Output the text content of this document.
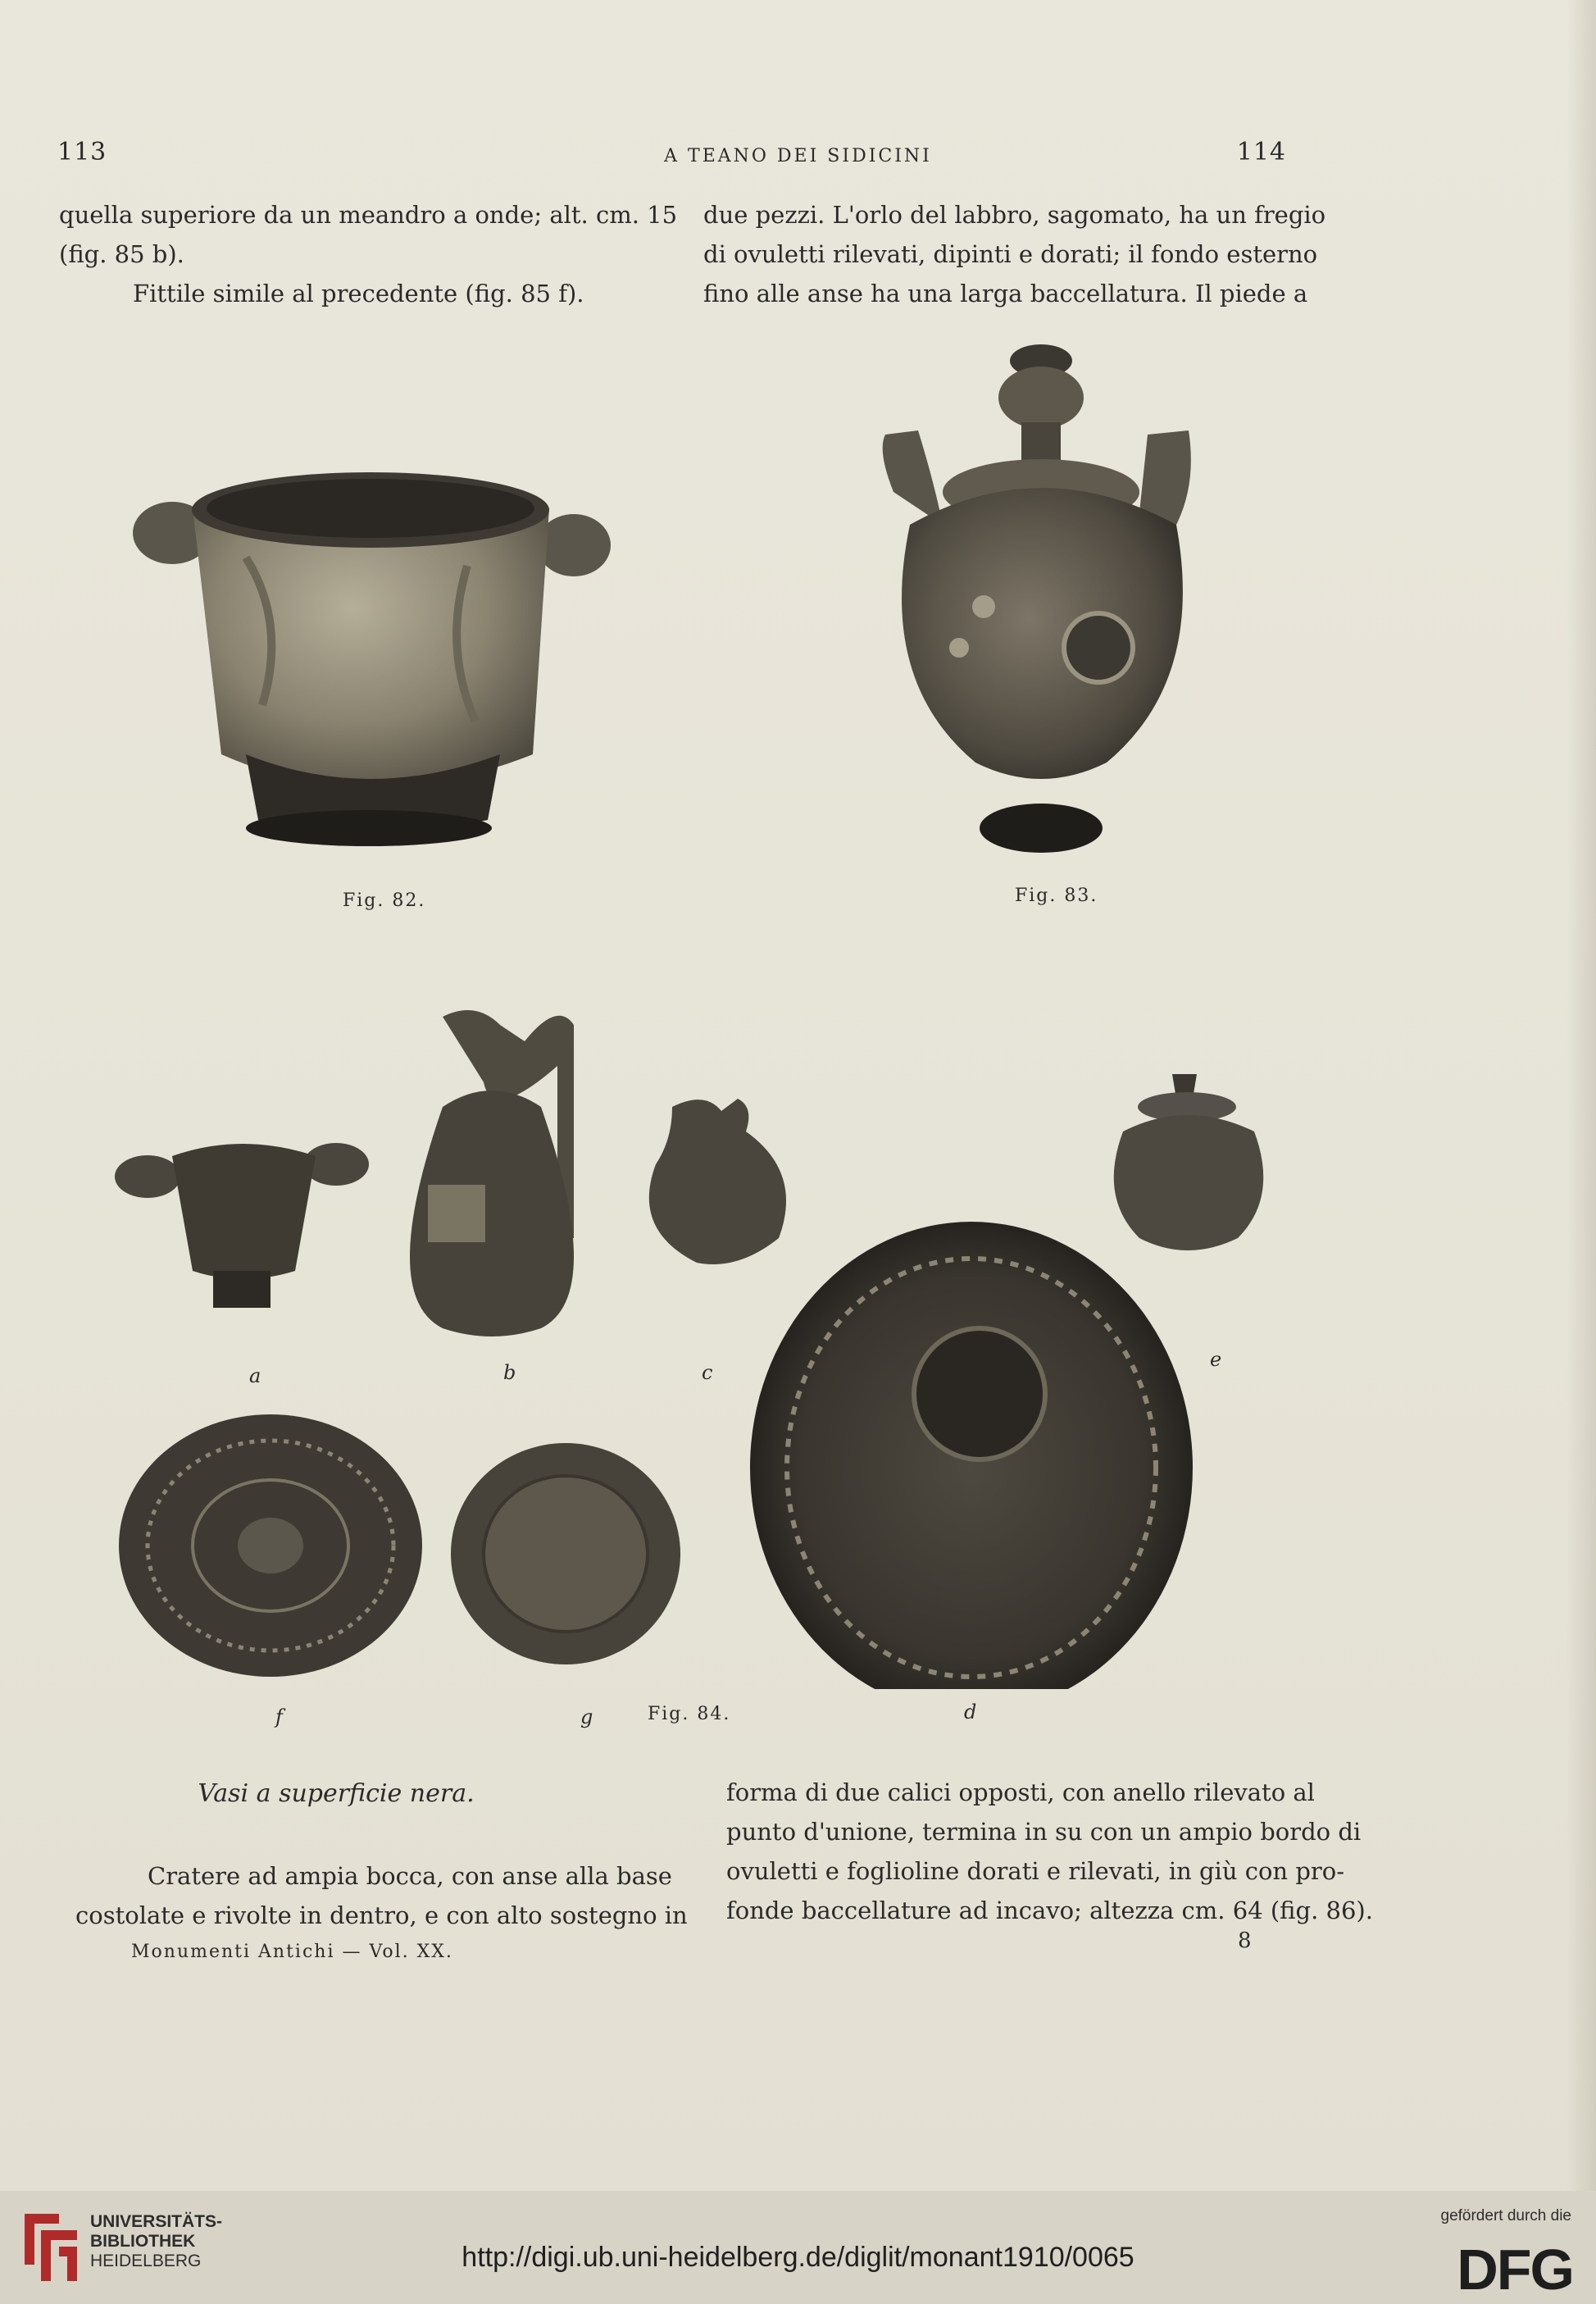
113	A TEANO DEI SIDICINI	114
quella superiore da un meandro a onde; alt. cm. 15
(fig. 85 b).
Fittile simile al precedente (fig. 85 f).
due pezzi. L'orlo del labbro, sagomato, ha un fregio
di ovuletti rilevati, dipinti e dorati; il fondo esterno
fino alle anse ha una larga baccellatura. Il piede a
Fig. 82.	Fig. 83.
a	b	c
e
f	g	Fig. 84.	d
Vasi a superficie nera.
Cratere ad ampia bocca, con anse alla base
costolate e rivolte in dentro, e con alto sostegno in
forma di due calici opposti, con anello rilevato al
punto d'unione, termina in su con un ampio bordo di
ovuletti e foglioline dorati e rilevati, in giù con pro-
fonde baccellature ad incavo; altezza cm. 64 (fig. 86).
Monumenti Antichi — Vol. XX.	8
UNIVERSITÄTS-
BIBLIOTHEK
HEIDELBERG	http://digi.ub.uni-heidelberg.de/diglit/monant1910/0065
gefördert durch die
DFG
